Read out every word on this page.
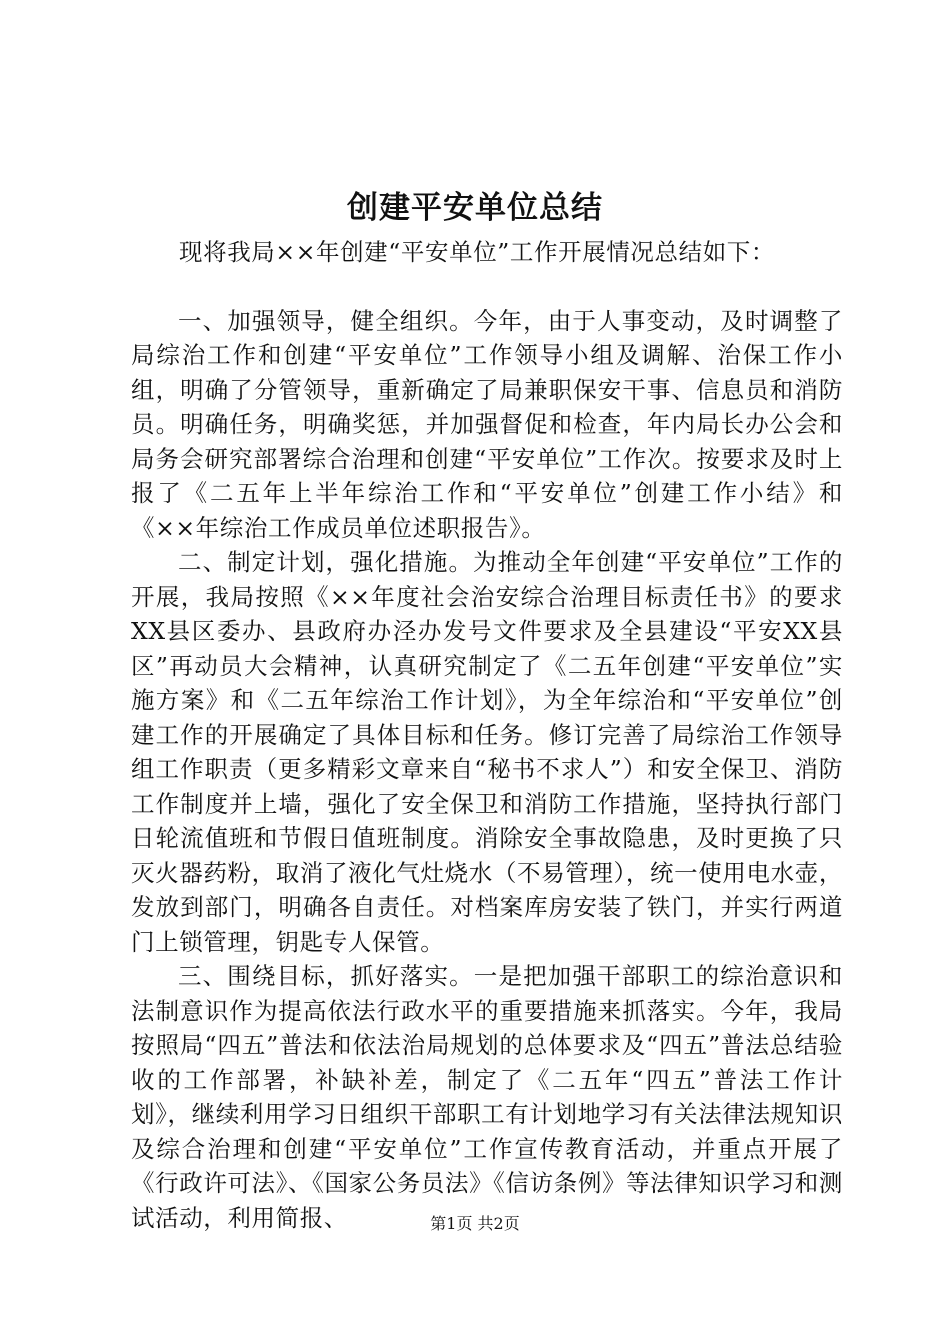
创建平安单位总结

现将我局××年创建“平安单位”工作开展情况总结如下：

一、加强领导，健全组织。今年，由于人事变动，及时调整了局综治工作和创建“平安单位”工作领导小组及调解、治保工作小组，明确了分管领导，重新确定了局兼职保安干事、信息员和消防员。明确任务，明确奖惩，并加强督促和检查，年内局长办公会和局务会研究部署综合治理和创建“平安单位”工作次。按要求及时上报了《二五年上半年综治工作和“平安单位”创建工作小结》和《××年综治工作成员单位述职报告》。

二、制定计划，强化措施。为推动全年创建“平安单位”工作的开展，我局按照《××年度社会治安综合治理目标责任书》的要求XX县区委办、县政府办泾办发号文件要求及全县建设“平安XX县区”再动员大会精神，认真研究制定了《二五年创建“平安单位”实施方案》和《二五年综治工作计划》，为全年综治和“平安单位”创建工作的开展确定了具体目标和任务。修订完善了局综治工作领导组工作职责（更多精彩文章来自“秘书不求人”）和安全保卫、消防工作制度并上墙，强化了安全保卫和消防工作措施，坚持执行部门日轮流值班和节假日值班制度。消除安全事故隐患，及时更换了只灭火器药粉，取消了液化气灶烧水（不易管理），统一使用电水壶，发放到部门，明确各自责任。对档案库房安装了铁门，并实行两道门上锁管理，钥匙专人保管。

三、围绕目标，抓好落实。一是把加强干部职工的综治意识和法制意识作为提高依法行政水平的重要措施来抓落实。今年，我局按照局“四五”普法和依法治局规划的总体要求及“四五”普法总结验收的工作部署，补缺补差，制定了《二五年“四五”普法工作计划》，继续利用学习日组织干部职工有计划地学习有关法律法规知识及综合治理和创建“平安单位”工作宣传教育活动，并重点开展了《行政许可法》、《国家公务员法》《信访条例》等法律知识学习和测试活动，利用简报、	第1页 共2页
